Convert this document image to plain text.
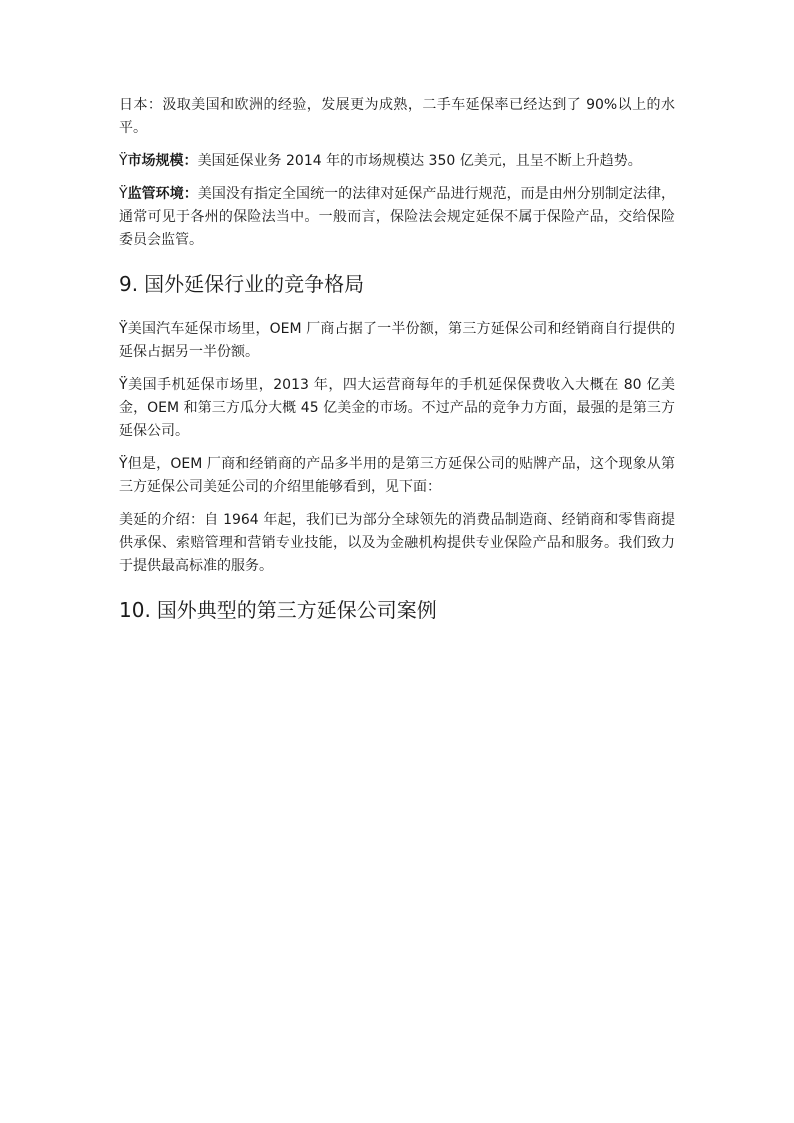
日本：汲取美国和欧洲的经验，发展更为成熟，二手车延保率已经达到了 90%以上的水平。

Ÿ市场规模：美国延保业务 2014 年的市场规模达 350 亿美元，且呈不断上升趋势。

Ÿ监管环境：美国没有指定全国统一的法律对延保产品进行规范，而是由州分别制定法律，通常可见于各州的保险法当中。一般而言，保险法会规定延保不属于保险产品，交给保险委员会监管。

9. 国外延保行业的竞争格局

Ÿ美国汽车延保市场里，OEM 厂商占据了一半份额，第三方延保公司和经销商自行提供的延保占据另一半份额。

Ÿ美国手机延保市场里，2013 年，四大运营商每年的手机延保保费收入大概在 80 亿美金，OEM 和第三方瓜分大概 45 亿美金的市场。不过产品的竞争力方面，最强的是第三方延保公司。

Ÿ但是，OEM 厂商和经销商的产品多半用的是第三方延保公司的贴牌产品，这个现象从第三方延保公司美延公司的介绍里能够看到，见下面：

美延的介绍：自 1964 年起，我们已为部分全球领先的消费品制造商、经销商和零售商提供承保、索赔管理和营销专业技能，以及为金融机构提供专业保险产品和服务。我们致力于提供最高标准的服务。

10. 国外典型的第三方延保公司案例
